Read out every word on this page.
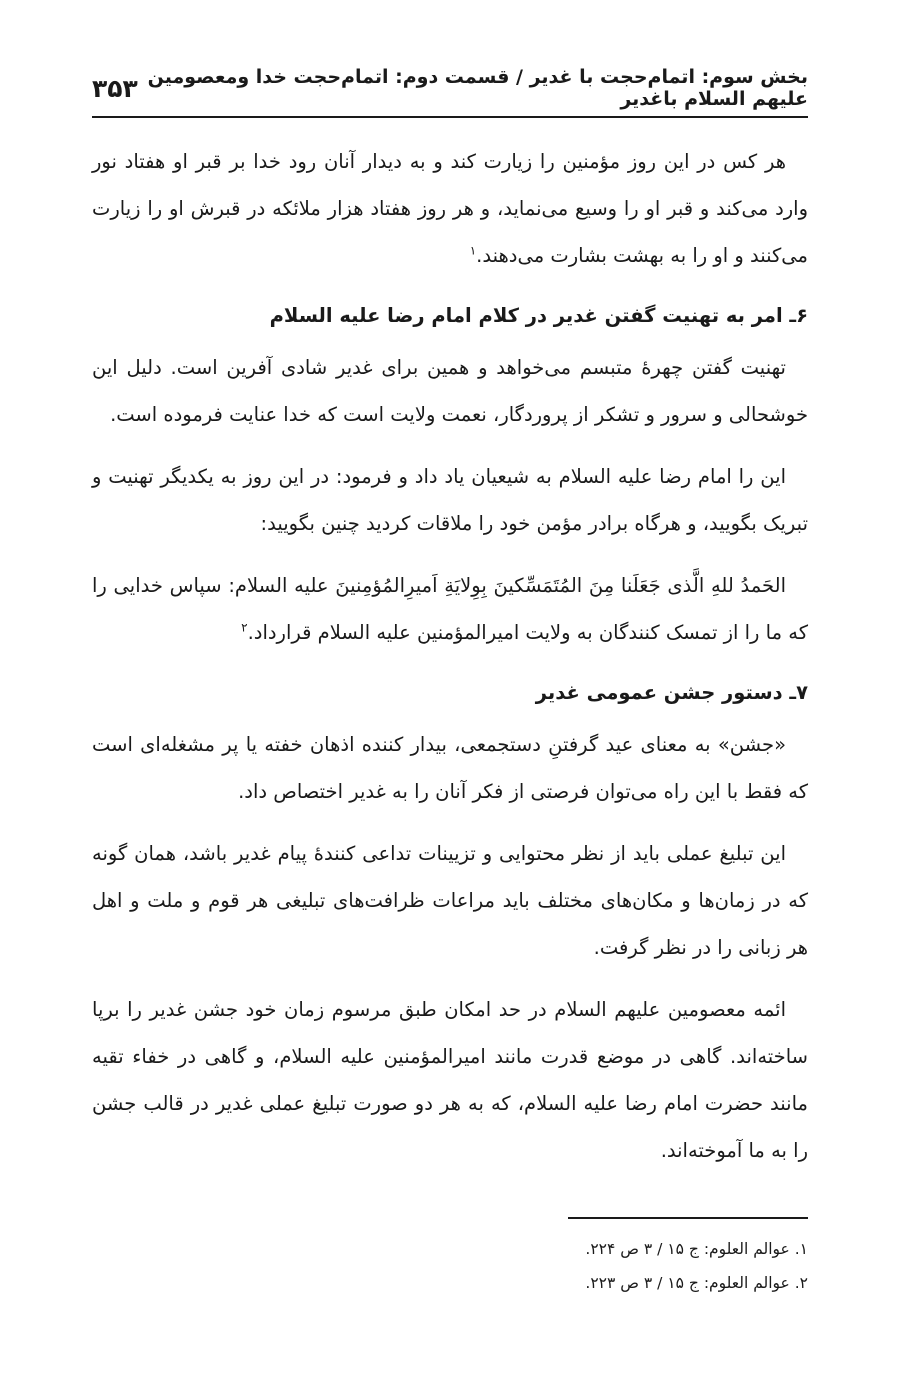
بخش سوم: اتمام‌حجت با غدیر / قسمت دوم: اتمام‌حجت خدا ومعصومین علیهم السلام باغدیر
۳۵۳

هر کس در این روز مؤمنین را زیارت کند و به دیدار آنان رود خدا بر قبر او هفتاد نور وارد می‌کند و قبر او را وسیع می‌نماید، و هر روز هفتاد هزار ملائکه در قبرش او را زیارت می‌کنند و او را به بهشت بشارت می‌دهند.$^۱$

۶ـ امر به تهنیت گفتن غدیر در کلام امام رضا علیه السلام

تهنیت گفتن چهرهٔ متبسم می‌خواهد و همین برای غدیر شادی آفرین است. دلیل این خوشحالی و سرور و تشکر از پروردگار، نعمت ولایت است که خدا عنایت فرموده است.

این را امام رضا علیه السلام به شیعیان یاد داد و فرمود: در این روز به یکدیگر تهنیت و تبریک بگویید، و هرگاه برادر مؤمن خود را ملاقات کردید چنین بگویید:

الحَمدُ للهِ الَّذی جَعَلَنا مِنَ المُتَمَسِّکینَ بِوِلایَةِ اَمیرِالمُؤمِنینَ علیه السلام: سپاس خدایی را که ما را از تمسک کنندگان به ولایت امیرالمؤمنین علیه السلام قرارداد.$^۲$

۷ـ دستور جشن عمومی غدیر

«جشن» به معنای عید گرفتنِ دستجمعی، بیدار کننده اذهان خفته یا پر مشغله‌ای است که فقط با این راه می‌توان فرصتی از فکر آنان را به غدیر اختصاص داد.

این تبلیغ عملی باید از نظر محتوایی و تزیینات تداعی کنندهٔ پیام غدیر باشد، همان گونه که در زمان‌ها و مکان‌های مختلف باید مراعات ظرافت‌های تبلیغی هر قوم و ملت و اهل هر زبانی را در نظر گرفت.

ائمه معصومین علیهم السلام در حد امکان طبق مرسوم زمان خود جشن غدیر را برپا ساخته‌اند. گاهی در موضع قدرت مانند امیرالمؤمنین علیه السلام، و گاهی در خفاء تقیه مانند حضرت امام رضا علیه السلام، که به هر دو صورت تبلیغ عملی غدیر در قالب جشن را به ما آموخته‌اند.

۱. عوالم العلوم: ج ۱۵ / ۳ ص ۲۲۴.
۲. عوالم العلوم: ج ۱۵ / ۳ ص ۲۲۳.
